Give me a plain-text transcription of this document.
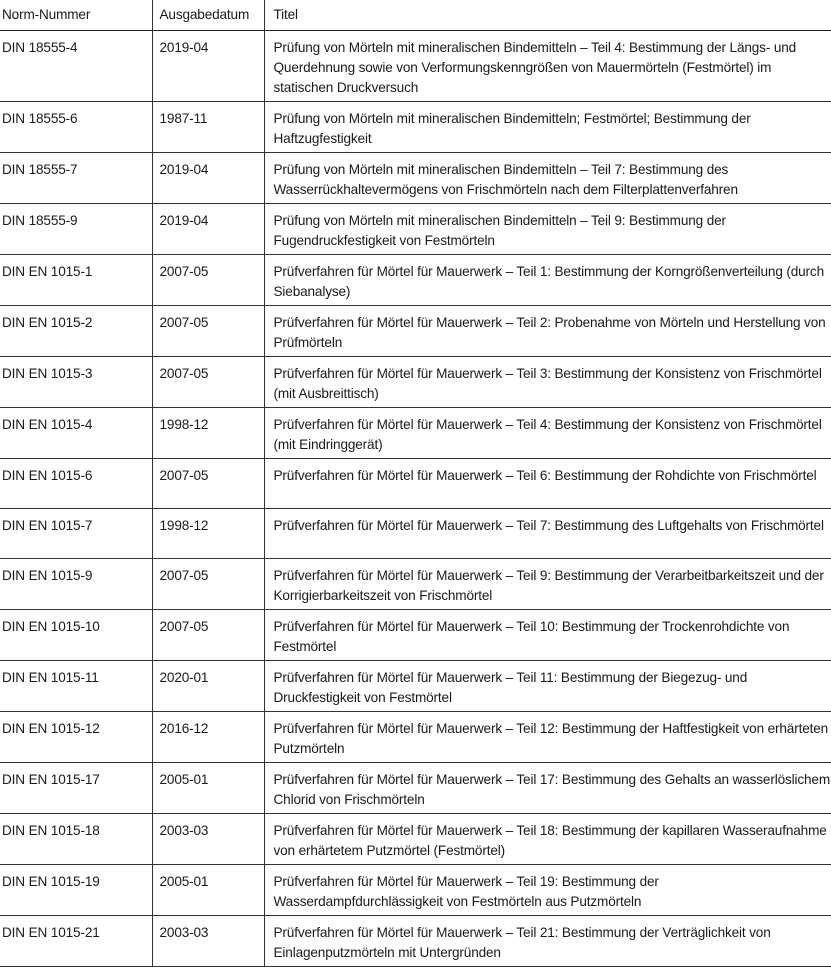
Norm-Nummer	Ausgabedatum	Titel
DIN 18555-4	2019-04	Prüfung von Mörteln mit mineralischen Bindemitteln – Teil 4: Bestimmung der Längs- und Querdehnung sowie von Verformungskenngrößen von Mauermörteln (Festmörtel) im statischen Druckversuch
DIN 18555-6	1987-11	Prüfung von Mörteln mit mineralischen Bindemitteln; Festmörtel; Bestimmung der Haftzugfestigkeit
DIN 18555-7	2019-04	Prüfung von Mörteln mit mineralischen Bindemitteln – Teil 7: Bestimmung des Wasserrückhaltevermögens von Frischmörteln nach dem Filterplattenverfahren
DIN 18555-9	2019-04	Prüfung von Mörteln mit mineralischen Bindemitteln – Teil 9: Bestimmung der Fugendruckfestigkeit von Festmörteln
DIN EN 1015-1	2007-05	Prüfverfahren für Mörtel für Mauerwerk – Teil 1: Bestimmung der Korngrößenverteilung (durch Siebanalyse)
DIN EN 1015-2	2007-05	Prüfverfahren für Mörtel für Mauerwerk – Teil 2: Probenahme von Mörteln und Herstellung von Prüfmörteln
DIN EN 1015-3	2007-05	Prüfverfahren für Mörtel für Mauerwerk – Teil 3: Bestimmung der Konsistenz von Frischmörtel (mit Ausbreittisch)
DIN EN 1015-4	1998-12	Prüfverfahren für Mörtel für Mauerwerk – Teil 4: Bestimmung der Konsistenz von Frischmörtel (mit Eindringgerät)
DIN EN 1015-6	2007-05	Prüfverfahren für Mörtel für Mauerwerk – Teil 6: Bestimmung der Rohdichte von Frischmörtel
DIN EN 1015-7	1998-12	Prüfverfahren für Mörtel für Mauerwerk – Teil 7: Bestimmung des Luftgehalts von Frischmörtel
DIN EN 1015-9	2007-05	Prüfverfahren für Mörtel für Mauerwerk – Teil 9: Bestimmung der Verarbeitbarkeitszeit und der Korrigierbarkeitszeit von Frischmörtel
DIN EN 1015-10	2007-05	Prüfverfahren für Mörtel für Mauerwerk – Teil 10: Bestimmung der Trockenrohdichte von Festmörtel
DIN EN 1015-11	2020-01	Prüfverfahren für Mörtel für Mauerwerk – Teil 11: Bestimmung der Biegezug- und Druckfestigkeit von Festmörtel
DIN EN 1015-12	2016-12	Prüfverfahren für Mörtel für Mauerwerk – Teil 12: Bestimmung der Haftfestigkeit von erhärteten Putzmörteln
DIN EN 1015-17	2005-01	Prüfverfahren für Mörtel für Mauerwerk – Teil 17: Bestimmung des Gehalts an wasserlöslichem Chlorid von Frischmörteln
DIN EN 1015-18	2003-03	Prüfverfahren für Mörtel für Mauerwerk – Teil 18: Bestimmung der kapillaren Wasseraufnahme von erhärtetem Putzmörtel (Festmörtel)
DIN EN 1015-19	2005-01	Prüfverfahren für Mörtel für Mauerwerk – Teil 19: Bestimmung der Wasserdampfdurchlässigkeit von Festmörteln aus Putzmörteln
DIN EN 1015-21	2003-03	Prüfverfahren für Mörtel für Mauerwerk – Teil 21: Bestimmung der Verträglichkeit von Einlagenputzmörteln mit Untergründen
